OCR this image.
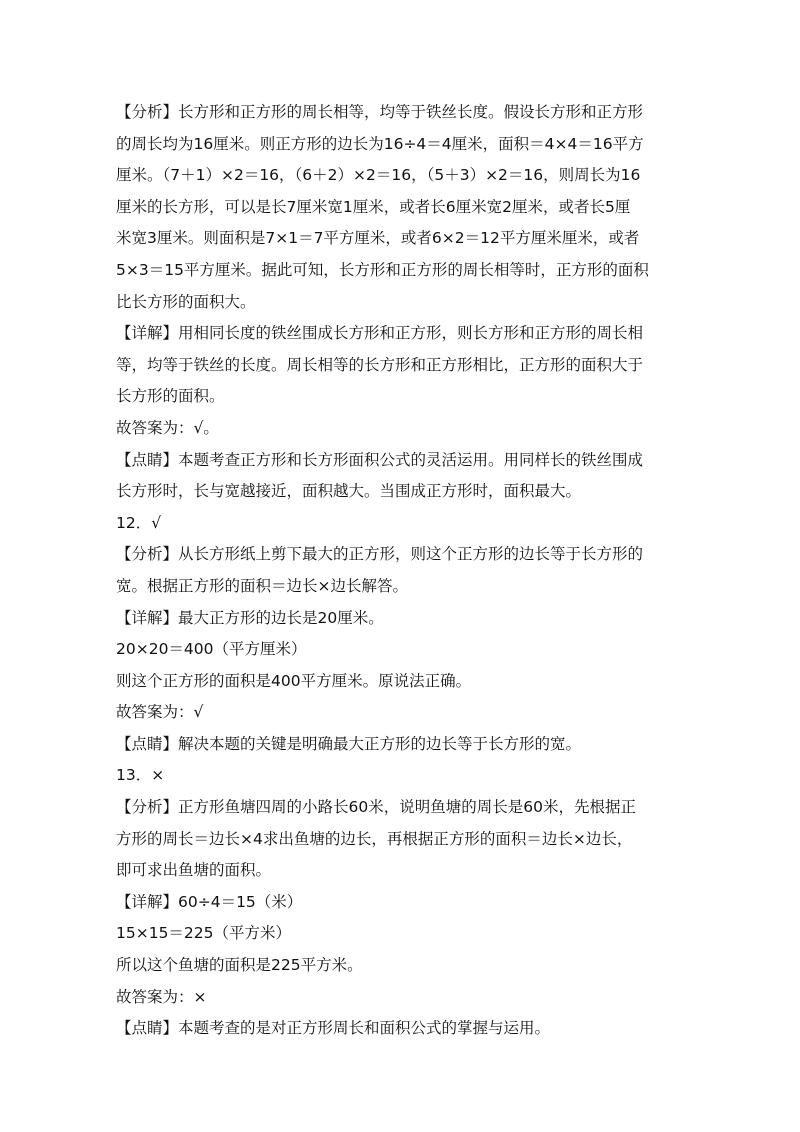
【分析】长方形和正方形的周长相等，均等于铁丝长度。假设长方形和正方形
的周长均为16厘米。则正方形的边长为16÷4＝4厘米，面积＝4×4＝16平方
厘米。（7＋1）×2＝16，（6＋2）×2＝16，（5＋3）×2＝16，则周长为16
厘米的长方形，可以是长7厘米宽1厘米，或者长6厘米宽2厘米，或者长5厘
米宽3厘米。则面积是7×1＝7平方厘米，或者6×2＝12平方厘米厘米，或者
5×3＝15平方厘米。据此可知，长方形和正方形的周长相等时，正方形的面积
比长方形的面积大。
【详解】用相同长度的铁丝围成长方形和正方形，则长方形和正方形的周长相
等，均等于铁丝的长度。周长相等的长方形和正方形相比，正方形的面积大于
长方形的面积。
故答案为：√。
【点睛】本题考查正方形和长方形面积公式的灵活运用。用同样长的铁丝围成
长方形时，长与宽越接近，面积越大。当围成正方形时，面积最大。
12．√
【分析】从长方形纸上剪下最大的正方形，则这个正方形的边长等于长方形的
宽。根据正方形的面积＝边长×边长解答。
【详解】最大正方形的边长是20厘米。
20×20＝400（平方厘米）
则这个正方形的面积是400平方厘米。原说法正确。
故答案为：√
【点睛】解决本题的关键是明确最大正方形的边长等于长方形的宽。
13．×
【分析】正方形鱼塘四周的小路长60米，说明鱼塘的周长是60米，先根据正
方形的周长＝边长×4求出鱼塘的边长，再根据正方形的面积＝边长×边长，
即可求出鱼塘的面积。
【详解】60÷4＝15（米）
15×15＝225（平方米）
所以这个鱼塘的面积是225平方米。
故答案为：×
【点睛】本题考查的是对正方形周长和面积公式的掌握与运用。
